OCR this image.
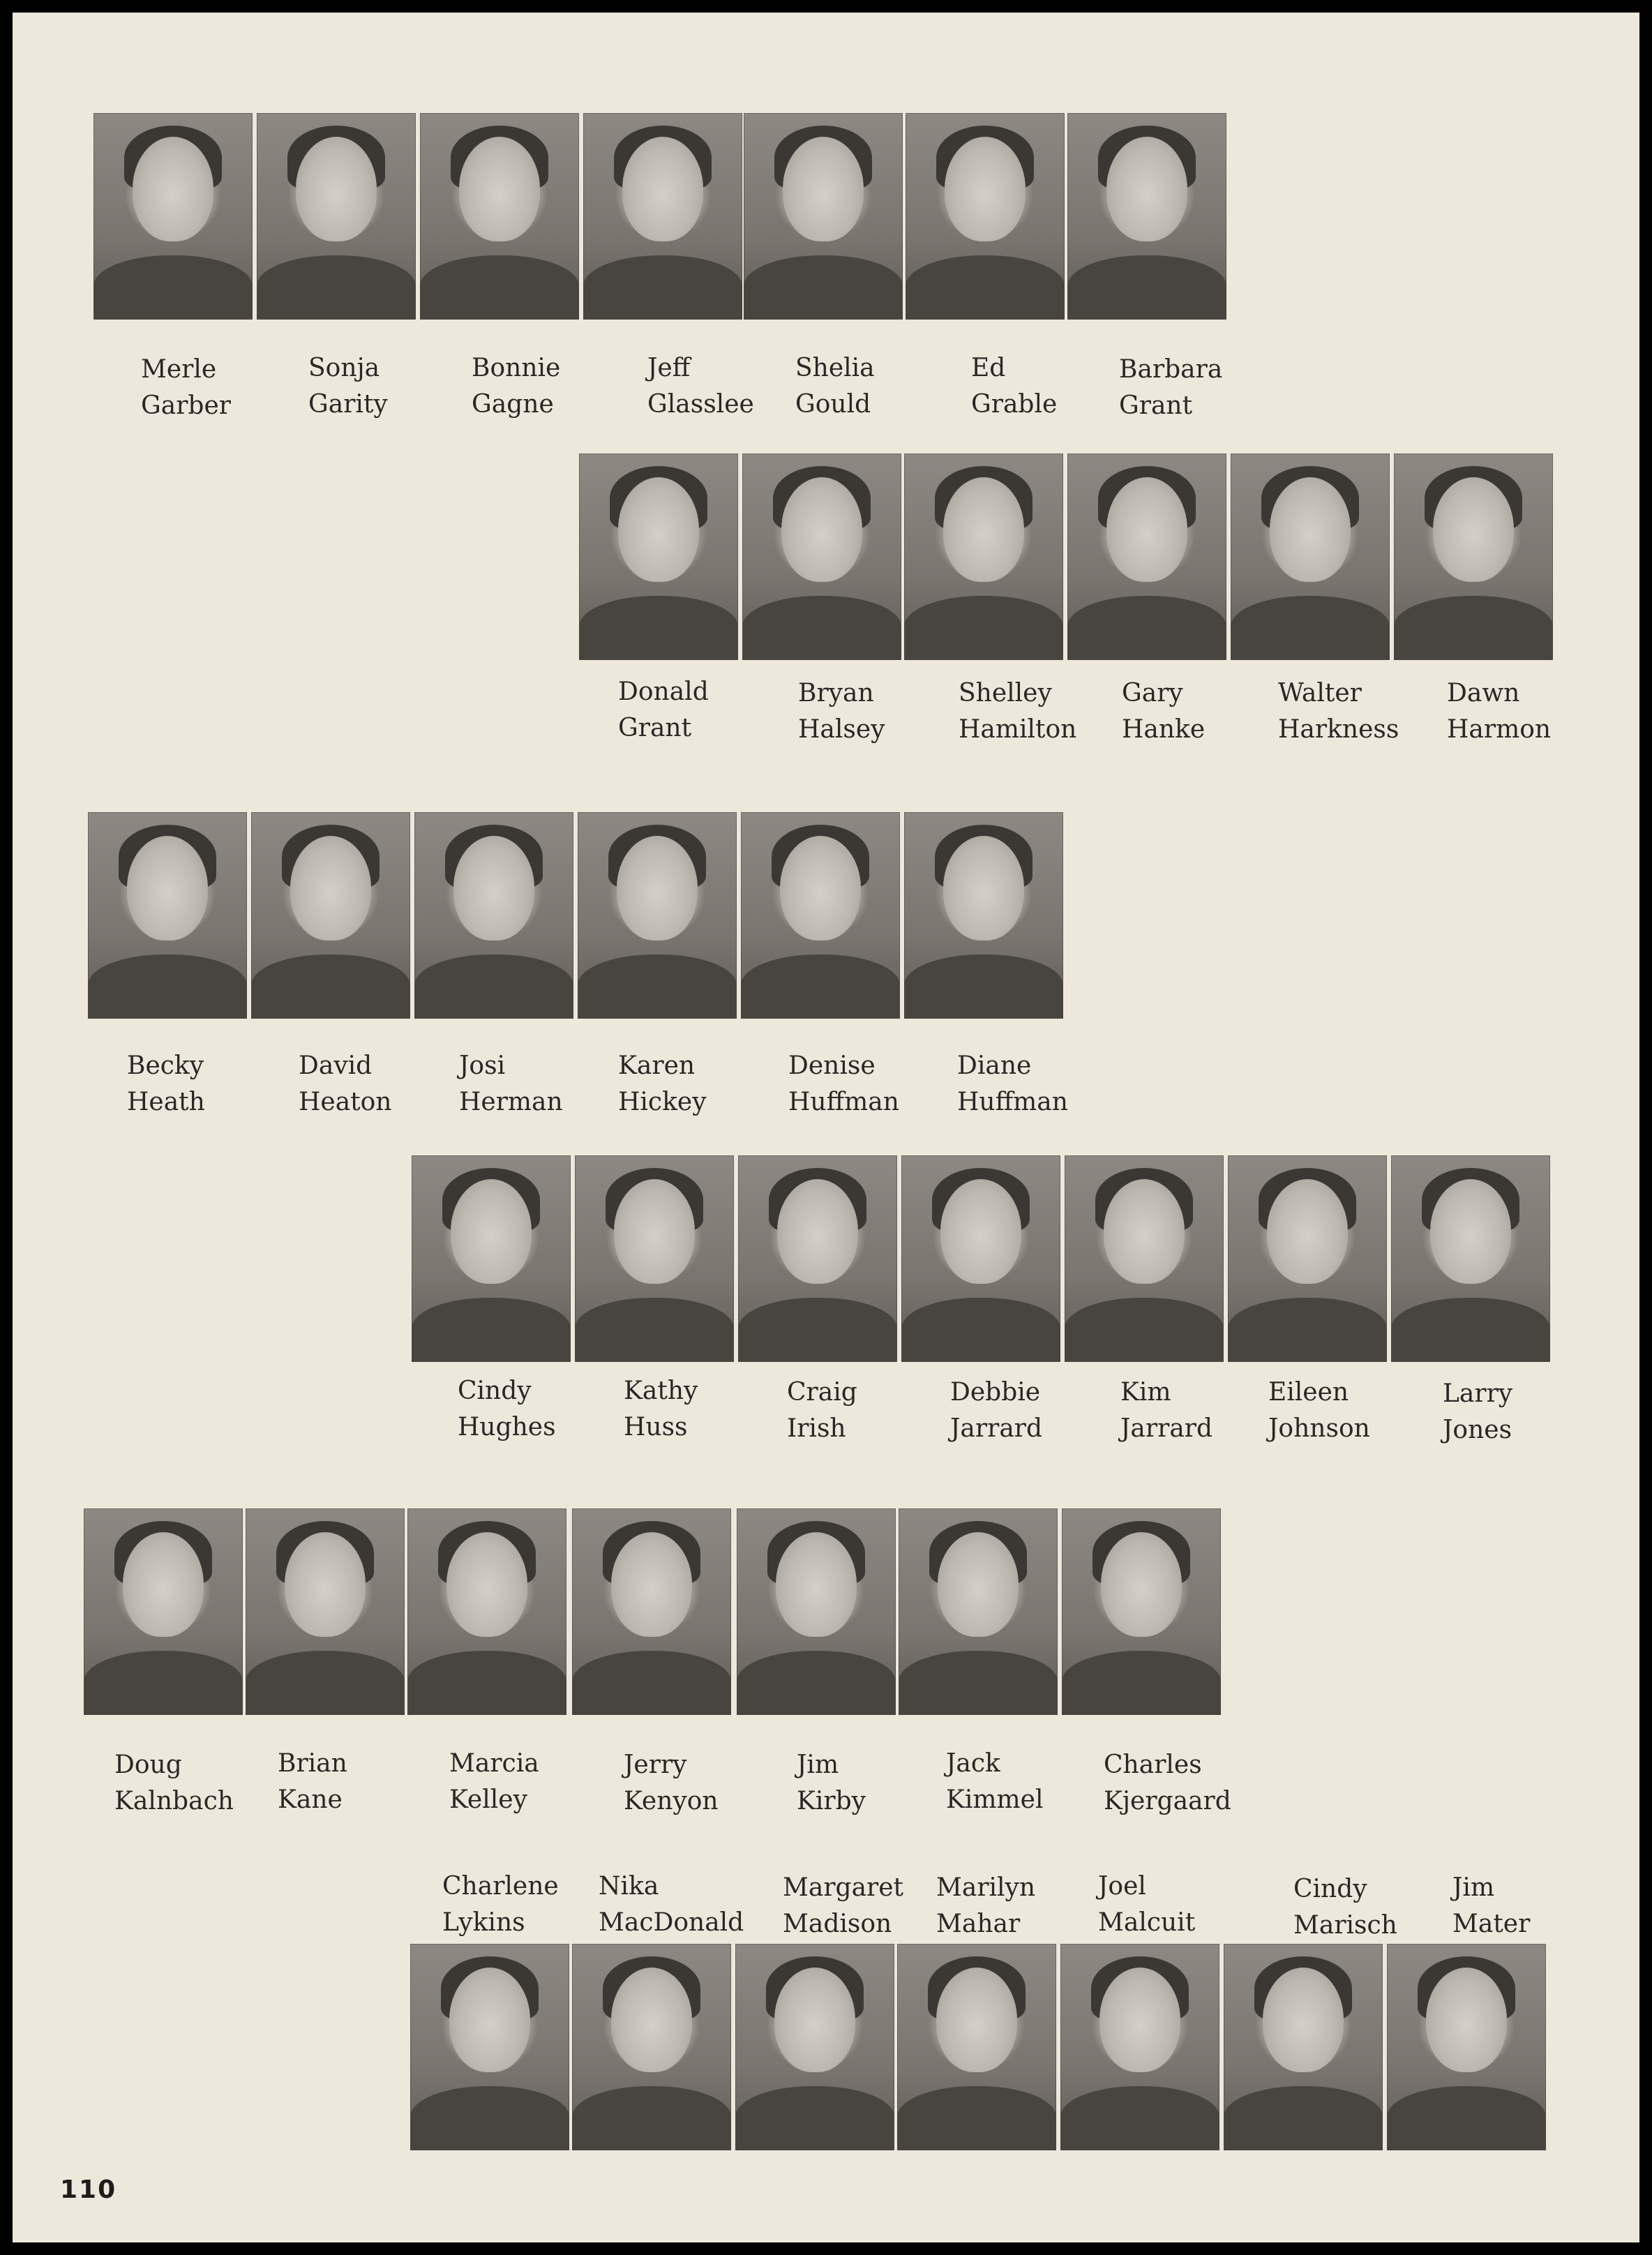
Merle
Garber
Sonja
Garity
Bonnie
Gagne
Jeff
Glasslee
Shelia
Gould
Ed
Grable
Barbara
Grant
Donald
Grant
Bryan
Halsey
Shelley
Hamilton
Gary
Hanke
Walter
Harkness
Dawn
Harmon
Becky
Heath
David
Heaton
Josi
Herman
Karen
Hickey
Denise
Huffman
Diane
Huffman
Cindy
Hughes
Kathy
Huss
Craig
Irish
Debbie
Jarrard
Kim
Jarrard
Eileen
Johnson
Larry
Jones
Doug
Kalnbach
Brian
Kane
Marcia
Kelley
Jerry
Kenyon
Jim
Kirby
Jack
Kimmel
Charles
Kjergaard
Charlene
Lykins
Nika
MacDonald
Margaret
Madison
Marilyn
Mahar
Joel
Malcuit
Cindy
Marisch
Jim
Mater
110
